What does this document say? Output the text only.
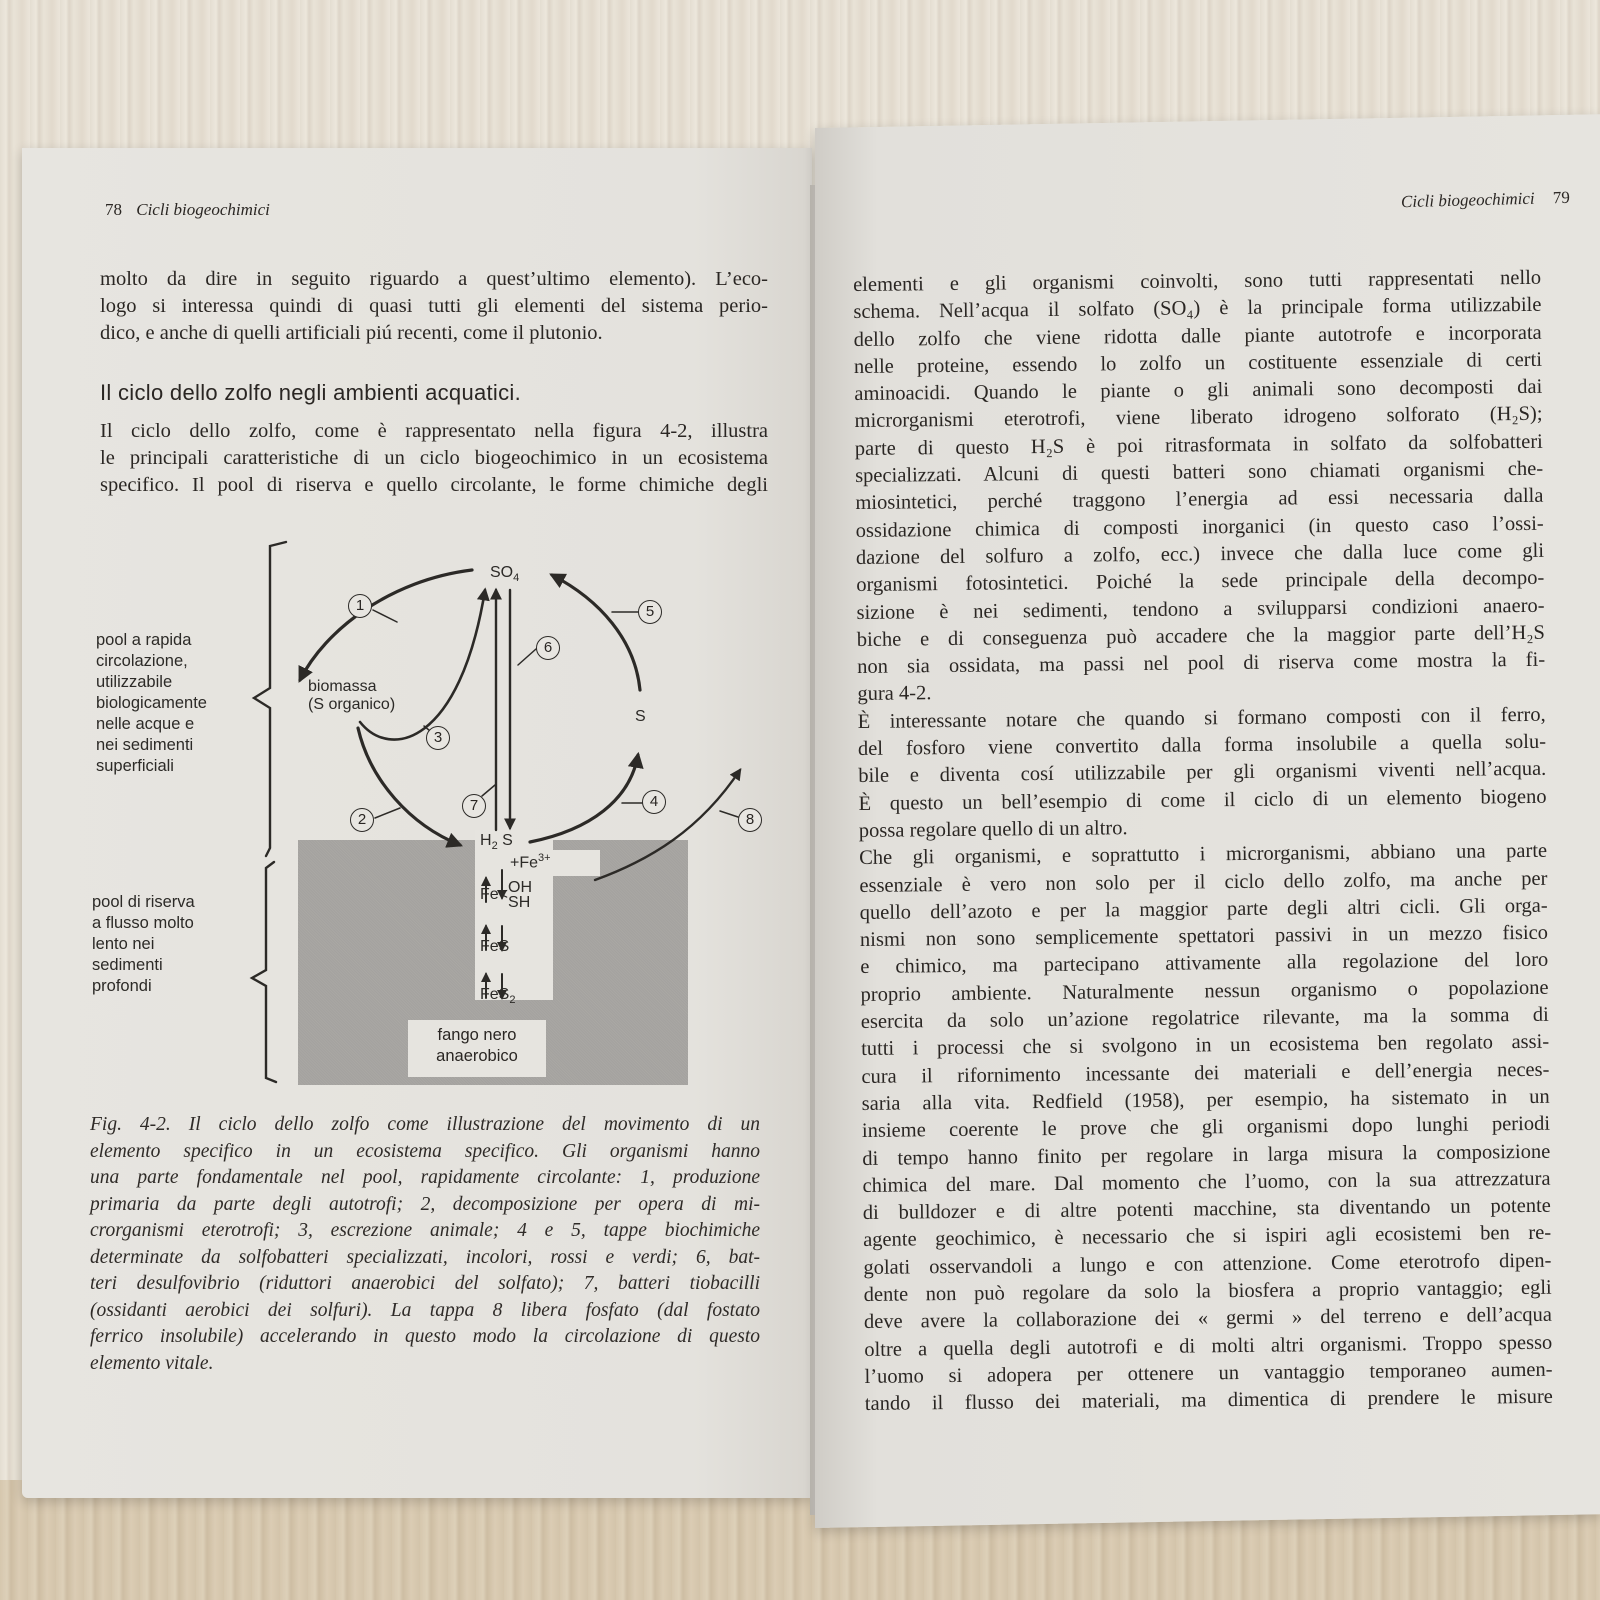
78 Cicli biogeochimici
molto da dire in seguito riguardo a quest’ultimo elemento). L’eco-
logo si interessa quindi di quasi tutti gli elementi del sistema perio-
dico, e anche di quelli artificiali piú recenti, come il plutonio.
Il ciclo dello zolfo negli ambienti acquatici.
Il ciclo dello zolfo, come è rappresentato nella figura 4-2, illustra
le principali caratteristiche di un ciclo biogeochimico in un ecosistema
specifico. Il pool di riserva e quello circolante, le forme chimiche degli
pool a rapida
circolazione,
utilizzabile
biologicamente
nelle acque e
nei sedimenti
superficiali
pool di riserva
a flusso molto
lento nei
sedimenti
profondi
$SO_4$
biomassa
(S organico)
S
$H_2$ S
$+Fe^{3+}$
Fe<OH
SH
FeS
FeS$_2$
fango nero
anaerobico
1
2
3
4
5
6
7
8
Fig. 4-2. Il ciclo dello zolfo come illustrazione del movimento di un
elemento specifico in un ecosistema specifico. Gli organismi hanno
una parte fondamentale nel pool, rapidamente circolante: 1, produzione
primaria da parte degli autotrofi; 2, decomposizione per opera di mi-
crorganismi eterotrofi; 3, escrezione animale; 4 e 5, tappe biochimiche
determinate da solfobatteri specializzati, incolori, rossi e verdi; 6, bat-
teri desulfovibrio (riduttori anaerobici del solfato); 7, batteri tiobacilli
(ossidanti aerobici dei solfuri). La tappa 8 libera fosfato (dal fostato
ferrico insolubile) accelerando in questo modo la circolazione di questo
elemento vitale.
Cicli biogeochimici 79
elementi e gli organismi coinvolti, sono tutti rappresentati nello
schema. Nell’acqua il solfato (SO₄) è la principale forma utilizzabile
dello zolfo che viene ridotta dalle piante autotrofe e incorporata
nelle proteine, essendo lo zolfo un costituente essenziale di certi
aminoacidi. Quando le piante o gli animali sono decomposti dai
microrganismi eterotrofi, viene liberato idrogeno solforato (H₂S);
parte di questo H₂S è poi ritrasformata in solfato da solfobatteri
specializzati. Alcuni di questi batteri sono chiamati organismi che-
miosintetici, perché traggono l’energia ad essi necessaria dalla
ossidazione chimica di composti inorganici (in questo caso l’ossi-
dazione del solfuro a zolfo, ecc.) invece che dalla luce come gli
organismi fotosintetici. Poiché la sede principale della decompo-
sizione è nei sedimenti, tendono a svilupparsi condizioni anaero-
biche e di conseguenza può accadere che la maggior parte dell’H₂S
non sia ossidata, ma passi nel pool di riserva come mostra la fi-
gura 4-2.
È interessante notare che quando si formano composti con il ferro,
del fosforo viene convertito dalla forma insolubile a quella solu-
bile e diventa cosí utilizzabile per gli organismi viventi nell’acqua.
È questo un bell’esempio di come il ciclo di un elemento biogeno
possa regolare quello di un altro.
Che gli organismi, e soprattutto i microrganismi, abbiano una parte
essenziale è vero non solo per il ciclo dello zolfo, ma anche per
quello dell’azoto e per la maggior parte degli altri cicli. Gli orga-
nismi non sono semplicemente spettatori passivi in un mezzo fisico
e chimico, ma partecipano attivamente alla regolazione del loro
proprio ambiente. Naturalmente nessun organismo o popolazione
esercita da solo un’azione regolatrice rilevante, ma la somma di
tutti i processi che si svolgono in un ecosistema ben regolato assi-
cura il rifornimento incessante dei materiali e dell’energia neces-
saria alla vita. Redfield (1958), per esempio, ha sistemato in un
insieme coerente le prove che gli organismi dopo lunghi periodi
di tempo hanno finito per regolare in larga misura la composizione
chimica del mare. Dal momento che l’uomo, con la sua attrezzatura
di bulldozer e di altre potenti macchine, sta diventando un potente
agente geochimico, è necessario che si ispiri agli ecosistemi ben re-
golati osservandoli a lungo e con attenzione. Come eterotrofo dipen-
dente non può regolare da solo la biosfera a proprio vantaggio; egli
deve avere la collaborazione dei « germi » del terreno e dell’acqua
oltre a quella degli autotrofi e di molti altri organismi. Troppo spesso
l’uomo si adopera per ottenere un vantaggio temporaneo aumen-
tando il flusso dei materiali, ma dimentica di prendere le misure
